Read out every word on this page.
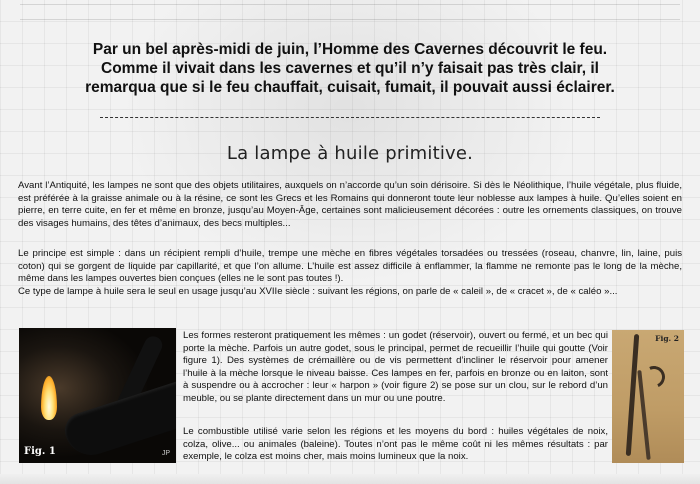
Par un bel après-midi de juin, l’Homme des Cavernes découvrit le feu.
Comme il vivait dans les cavernes et qu’il n’y faisait pas très clair, il
remarqua que si le feu chauffait, cuisait, fumait, il pouvait aussi éclairer.
La lampe à huile primitive.
Avant l’Antiquité, les lampes ne sont que des objets utilitaires, auxquels on n’accorde qu’un soin dérisoire. Si dès le Néolithique, l’huile végétale, plus fluide, est préférée à la graisse animale ou à la résine, ce sont les Grecs et les Romains qui donneront toute leur noblesse aux lampes à huile. Qu’elles soient en pierre, en terre cuite, en fer et même en bronze, jusqu’au Moyen-Âge, certaines sont malicieusement décorées : outre les ornements classiques, on trouve des visages humains, des têtes d’animaux, des becs multiples...
Le principe est simple : dans un récipient rempli d’huile, trempe une mèche en fibres végétales torsadées ou tressées (roseau, chanvre, lin, laine, puis coton) qui se gorgent de liquide par capillarité, et que l’on allume. L’huile est assez difficile à enflammer, la flamme ne remonte pas le long de la mèche, même dans les lampes ouvertes bien conçues (elles ne le sont pas toutes !).
Ce type de lampe à huile sera le seul en usage jusqu’au XVIIe siècle : suivant les régions, on parle de « caleil », de « cracet », de « caléo »...
Fig. 1	JP
Les formes resteront pratiquement les mêmes : un godet (réservoir), ouvert ou fermé, et un bec qui porte la mèche. Parfois un autre godet, sous le principal, permet de recueillir l’huile qui goutte (Voir figure 1). Des systèmes de crémaillère ou de vis permettent d’incliner le réservoir pour amener l’huile à la mèche lorsque le niveau baisse. Ces lampes en fer, parfois en bronze ou en laiton, sont à suspendre ou à accrocher : leur « harpon » (voir figure 2) se pose sur un clou, sur le rebord d’un meuble, ou se plante directement dans un mur ou une poutre.
Le combustible utilisé varie selon les régions et les moyens du bord : huiles végétales de noix, colza, olive... ou animales (baleine). Toutes n’ont pas le même coût ni les mêmes résultats : par exemple, le colza est moins cher, mais moins lumineux que la noix.
Fig. 2
